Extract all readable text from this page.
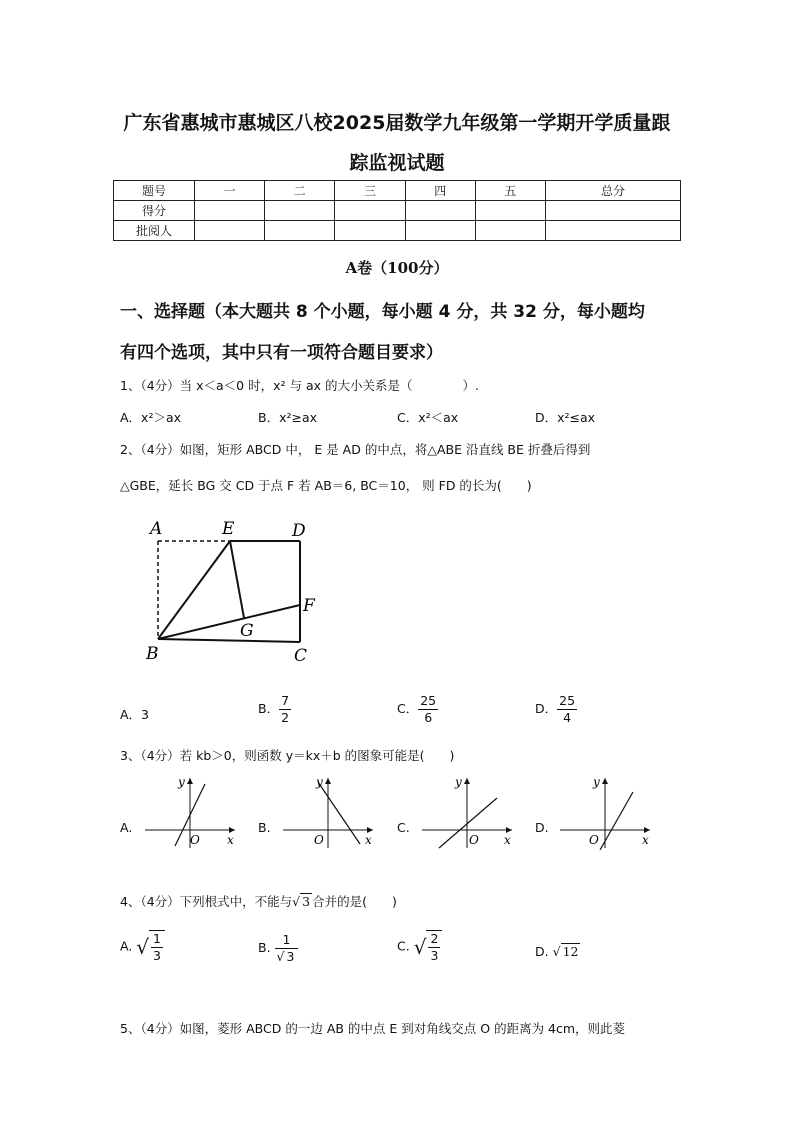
广东省惠城市惠城区八校2025届数学九年级第一学期开学质量跟
踪监视试题
题号	一	二	三	四	五	总分
得分						
批阅人						
A卷（100分）
一、选择题（本大题共 8 个小题，每小题 4 分，共 32 分，每小题均
有四个选项，其中只有一项符合题目要求）
1、（4分）当 x＜a＜0 时，x² 与 ax 的大小关系是（　　　　）.
A．x²＞ax	B．x²≥ax	C．x²＜ax	D．x²≤ax
2、（4分）如图，矩形 ABCD 中， E 是 AD 的中点，将△ABE 沿直线 BE 折叠后得到
△GBE，延长 BG 交 CD 于点 F 若 AB＝6, BC＝10， 则 FD 的长为(　　)
A	E	D
F
G
B	C
A．3	B． $\frac{7}{2}$	C． $\frac{25}{6}$	D． $\frac{25}{4}$
3、（4分）若 kb＞0，则函数 y＝kx＋b 的图象可能是(　　)
A.
y
x
O
B.
y
x
O
C.
y
x
O
D.
y
x
O
4、（4分）下列根式中，不能与√ 3 合并的是(　　)
A. √ $\frac{1}{3}$	B. $\frac{1}{√ 3}$	C. √ $\frac{2}{3}$	D. √ 12
5、（4分）如图，菱形 ABCD 的一边 AB 的中点 E 到对角线交点 O 的距离为 4cm，则此菱
